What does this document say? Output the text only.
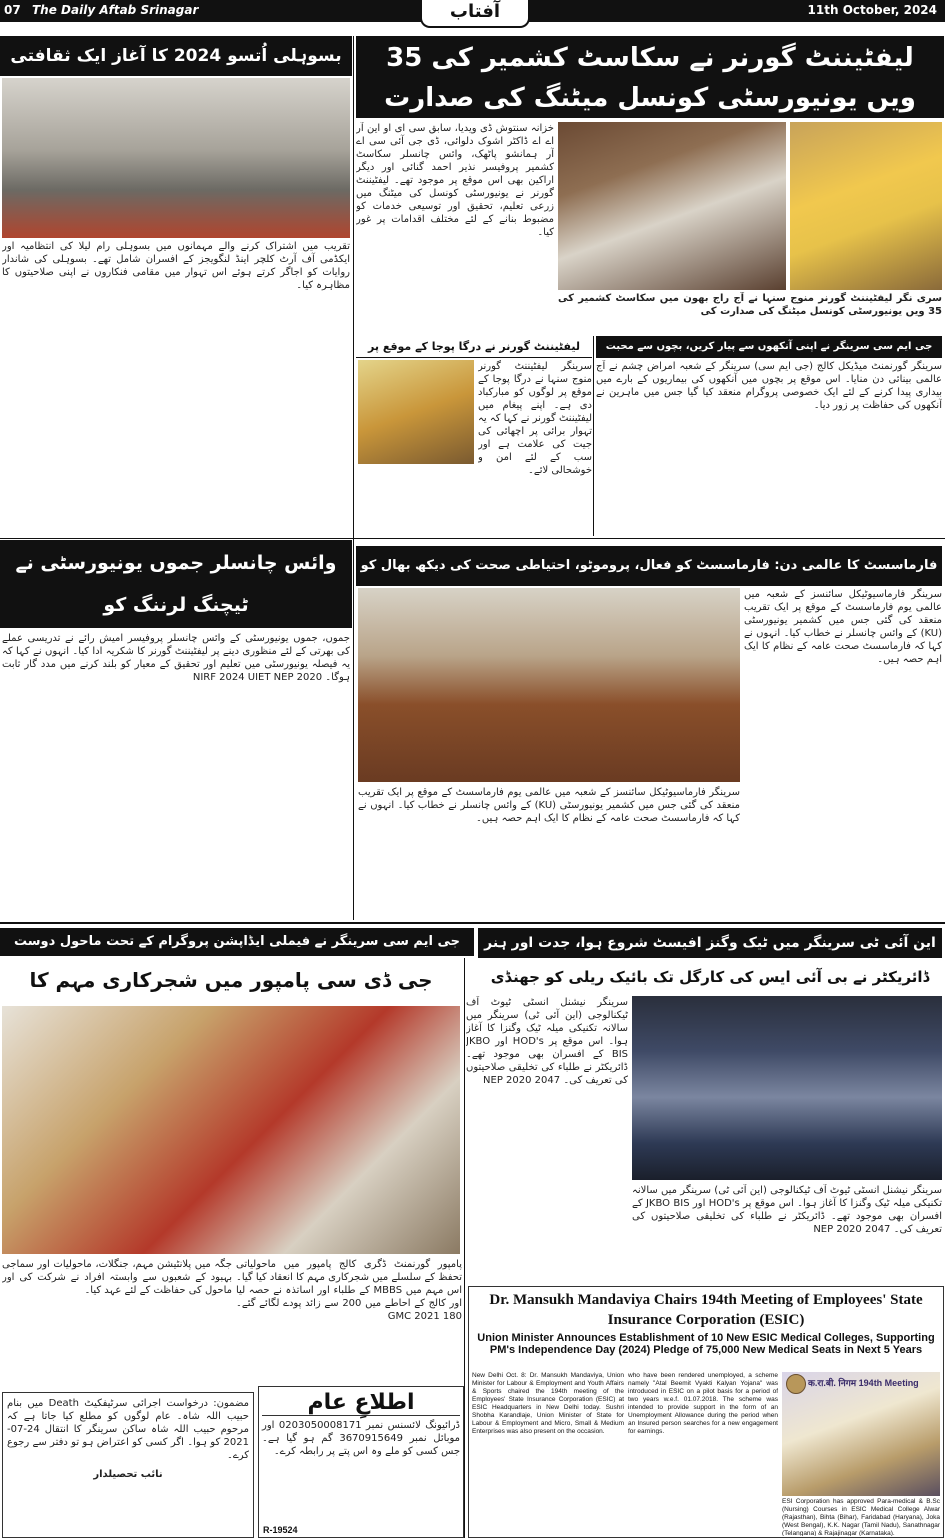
07 The Daily Aftab Srinagar	11th October, 2024
آفتاب
لیفٹیننٹ گورنر نے سکاسٹ کشمیر کی 35 ویں یونیورسٹی کونسل میٹنگ کی صدارت
سری نگر لیفٹیننٹ گورنر منوج سنہا نے آج راج بھون میں سکاسٹ کشمیر کی 35 ویں یونیورسٹی کونسل میٹنگ کی صدارت کی
خزانہ سنتوش ڈی ویدیا، سابق سی ای او این آر اے اے ڈاکٹر اشوک دلوائی، ڈی جی آئی سی اے آر ہمانشو پاٹھک، وائس چانسلر سکاسٹ کشمیر پروفیسر نذیر احمد گنائی اور دیگر اراکین بھی اس موقع پر موجود تھے۔ لیفٹیننٹ گورنر نے یونیورسٹی کونسل کی میٹنگ میں زرعی تعلیم، تحقیق اور توسیعی خدمات کو مضبوط بنانے کے لئے مختلف اقدامات پر غور کیا۔
بسوہلی اُتسو 2024 کا آغاز ایک ثقافتی
تقریب میں اشتراک کرنے والے مہمانوں میں بسوہلی رام لیلا کی انتظامیہ اور ایکڈمی آف آرٹ کلچر اینڈ لنگویجز کے افسران شامل تھے۔ بسوہلی کی شاندار روایات کو اجاگر کرتے ہوئے اس تہوار میں مقامی فنکاروں نے اپنی صلاحیتوں کا مظاہرہ کیا۔
جی ایم سی سرینگر نے اپنی آنکھوں سے پیار کریں، بچوں سے محبت
سرینگر گورنمنٹ میڈیکل کالج (جی ایم سی) سرینگر کے شعبہ امراض چشم نے آج عالمی بینائی دن منایا۔ اس موقع پر بچوں میں آنکھوں کی بیماریوں کے بارے میں بیداری پیدا کرنے کے لئے ایک خصوصی پروگرام منعقد کیا گیا جس میں ماہرین نے آنکھوں کی حفاظت پر زور دیا۔
لیفٹیننٹ گورنر نے درگا پوجا کے موقع پر
سرینگر لیفٹیننٹ گورنر منوج سنہا نے درگا پوجا کے موقع پر لوگوں کو مبارکباد دی ہے۔ اپنے پیغام میں لیفٹیننٹ گورنر نے کہا کہ یہ تہوار برائی پر اچھائی کی جیت کی علامت ہے اور سب کے لئے امن و خوشحالی لائے۔
وائس چانسلر جموں یونیورسٹی نے ٹیچنگ لرننگ کو
جموں، جموں یونیورسٹی کے وائس چانسلر پروفیسر امیش رائے نے تدریسی عملے کی بھرتی کے لئے منظوری دینے پر لیفٹیننٹ گورنر کا شکریہ ادا کیا۔ انہوں نے کہا کہ یہ فیصلہ یونیورسٹی میں تعلیم اور تحقیق کے معیار کو بلند کرنے میں مدد گار ثابت ہوگا۔ NIRF 2024 UIET NEP 2020
فارماسسٹ کا عالمی دن: فارماسسٹ کو فعال، پروموٹو، احتیاطی صحت کی دیکھ بھال کو
سرینگر فارماسیوٹیکل سائنسز کے شعبہ میں عالمی یوم فارماسسٹ کے موقع پر ایک تقریب منعقد کی گئی جس میں کشمیر یونیورسٹی (KU) کے وائس چانسلر نے خطاب کیا۔ انہوں نے کہا کہ فارماسسٹ صحت عامہ کے نظام کا ایک اہم حصہ ہیں۔
سرینگر فارماسیوٹیکل سائنسز کے شعبہ میں عالمی یوم فارماسسٹ کے موقع پر ایک تقریب منعقد کی گئی جس میں کشمیر یونیورسٹی (KU) کے وائس چانسلر نے خطاب کیا۔ انہوں نے کہا کہ فارماسسٹ صحت عامہ کے نظام کا ایک اہم حصہ ہیں۔
این آئی ٹی سرینگر میں ٹیک وگنز افیسٹ شروع ہوا، جدت اور ہنر
ڈائریکٹر نے بی آئی ایس کی کارگل تک بائیک ریلی کو جھنڈی
سرینگر نیشنل انسٹی ٹیوٹ آف ٹیکنالوجی (این آئی ٹی) سرینگر میں سالانہ تکنیکی میلہ ٹیک وگنزا کا آغاز ہوا۔ اس موقع پر HOD's اور JKBO BIS کے افسران بھی موجود تھے۔ ڈائریکٹر نے طلباء کی تخلیقی صلاحیتوں کی تعریف کی۔ NEP 2020 2047
سرینگر نیشنل انسٹی ٹیوٹ آف ٹیکنالوجی (این آئی ٹی) سرینگر میں سالانہ تکنیکی میلہ ٹیک وگنزا کا آغاز ہوا۔ اس موقع پر HOD's اور JKBO BIS کے افسران بھی موجود تھے۔ ڈائریکٹر نے طلباء کی تخلیقی صلاحیتوں کی تعریف کی۔ NEP 2020 2047
جی ایم سی سرینگر نے فیملی ایڈاپشن پروگرام کے تحت ماحول دوست
جی ڈی سی پامپور میں شجرکاری مہم کا
پامپور گورنمنٹ ڈگری کالج پامپور میں ماحولیاتی تحفظ کے سلسلے میں شجرکاری مہم کا انعقاد کیا گیا۔ اس مہم میں MBBS کے طلباء اور اساتذہ نے حصہ لیا اور کالج کے احاطے میں 200 سے زائد پودے لگائے گئے۔ GMC 2021 180
جگہ میں پلانٹیشن مہم، جنگلات، ماحولیات اور سماجی بہبود کے شعبوں سے وابستہ افراد نے شرکت کی اور ماحول کی حفاظت کے لئے عہد کیا۔
مضمون: درخواست اجرائی سرٹیفکیٹ Death میں بنام حبیب اللہ شاہ۔ عام لوگوں کو مطلع کیا جاتا ہے کہ مرحوم حبیب اللہ شاہ ساکن سرینگر کا انتقال 24-07-2021 کو ہوا۔ اگر کسی کو اعتراض ہو تو دفتر سے رجوع کرے۔
نائب تحصیلدار
اطلاعِ عام
ڈرائیونگ لائسنس نمبر 0203050008171 اور موبائل نمبر 3670915649 گم ہو گیا ہے۔ جس کسی کو ملے وہ اس پتے پر رابطہ کرے۔
R-19524
Dr. Mansukh Mandaviya Chairs 194th Meeting of Employees' State Insurance Corporation (ESIC)
Union Minister Announces Establishment of 10 New ESIC Medical Colleges, Supporting PM's Independence Day (2024) Pledge of 75,000 New Medical Seats in Next 5 Years
New Delhi Oct. 8: Dr. Mansukh Mandaviya, Union Minister for Labour & Employment and Youth Affairs & Sports chaired the 194th meeting of the Employees' State Insurance Corporation (ESIC) at ESIC Headquarters in New Delhi today. Sushri Shobha Karandlaje, Union Minister of State for Labour & Employment and Micro, Small & Medium Enterprises was also present on the occasion.
who have been rendered unemployed, a scheme namely "Atal Beemit Vyakti Kalyan Yojana" was introduced in ESIC on a pilot basis for a period of two years w.e.f. 01.07.2018. The scheme was intended to provide support in the form of an Unemployment Allowance during the period when an Insured person searches for a new engagement for earnings.
क.रा.बी. निगम 194th Meeting
ESI Corporation has approved Para-medical & B.Sc (Nursing) Courses in ESIC Medical College Alwar (Rajasthan), Bihta (Bihar), Faridabad (Haryana), Joka (West Bengal), K.K. Nagar (Tamil Nadu), Sanathnagar (Telangana) & Rajajinagar (Karnataka).
